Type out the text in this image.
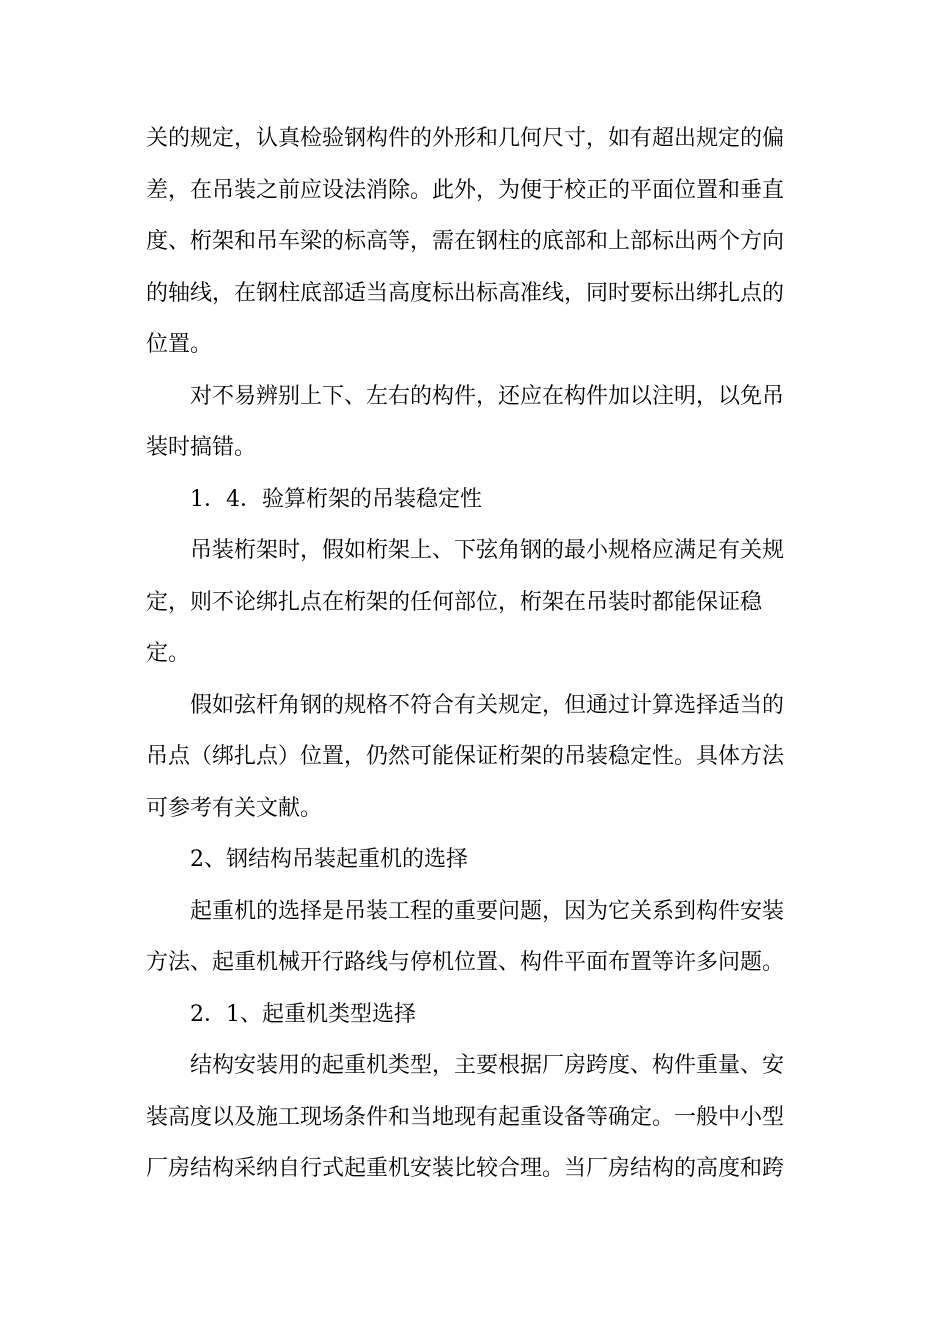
关的规定，认真检验钢构件的外形和几何尺寸，如有超出规定的偏
差，在吊装之前应设法消除。此外，为便于校正的平面位置和垂直
度、桁架和吊车梁的标高等，需在钢柱的底部和上部标出两个方向
的轴线，在钢柱底部适当高度标出标高准线，同时要标出绑扎点的
位置。
对不易辨别上下、左右的构件，还应在构件加以注明，以免吊
装时搞错。
1．4．验算桁架的吊装稳定性
吊装桁架时，假如桁架上、下弦角钢的最小规格应满足有关规
定，则不论绑扎点在桁架的任何部位，桁架在吊装时都能保证稳
定。
假如弦杆角钢的规格不符合有关规定，但通过计算选择适当的
吊点（绑扎点）位置，仍然可能保证桁架的吊装稳定性。具体方法
可参考有关文献。
2、钢结构吊装起重机的选择
起重机的选择是吊装工程的重要问题，因为它关系到构件安装
方法、起重机械开行路线与停机位置、构件平面布置等许多问题。
2．1、起重机类型选择
结构安装用的起重机类型，主要根据厂房跨度、构件重量、安
装高度以及施工现场条件和当地现有起重设备等确定。一般中小型
厂房结构采纳自行式起重机安装比较合理。当厂房结构的高度和跨
